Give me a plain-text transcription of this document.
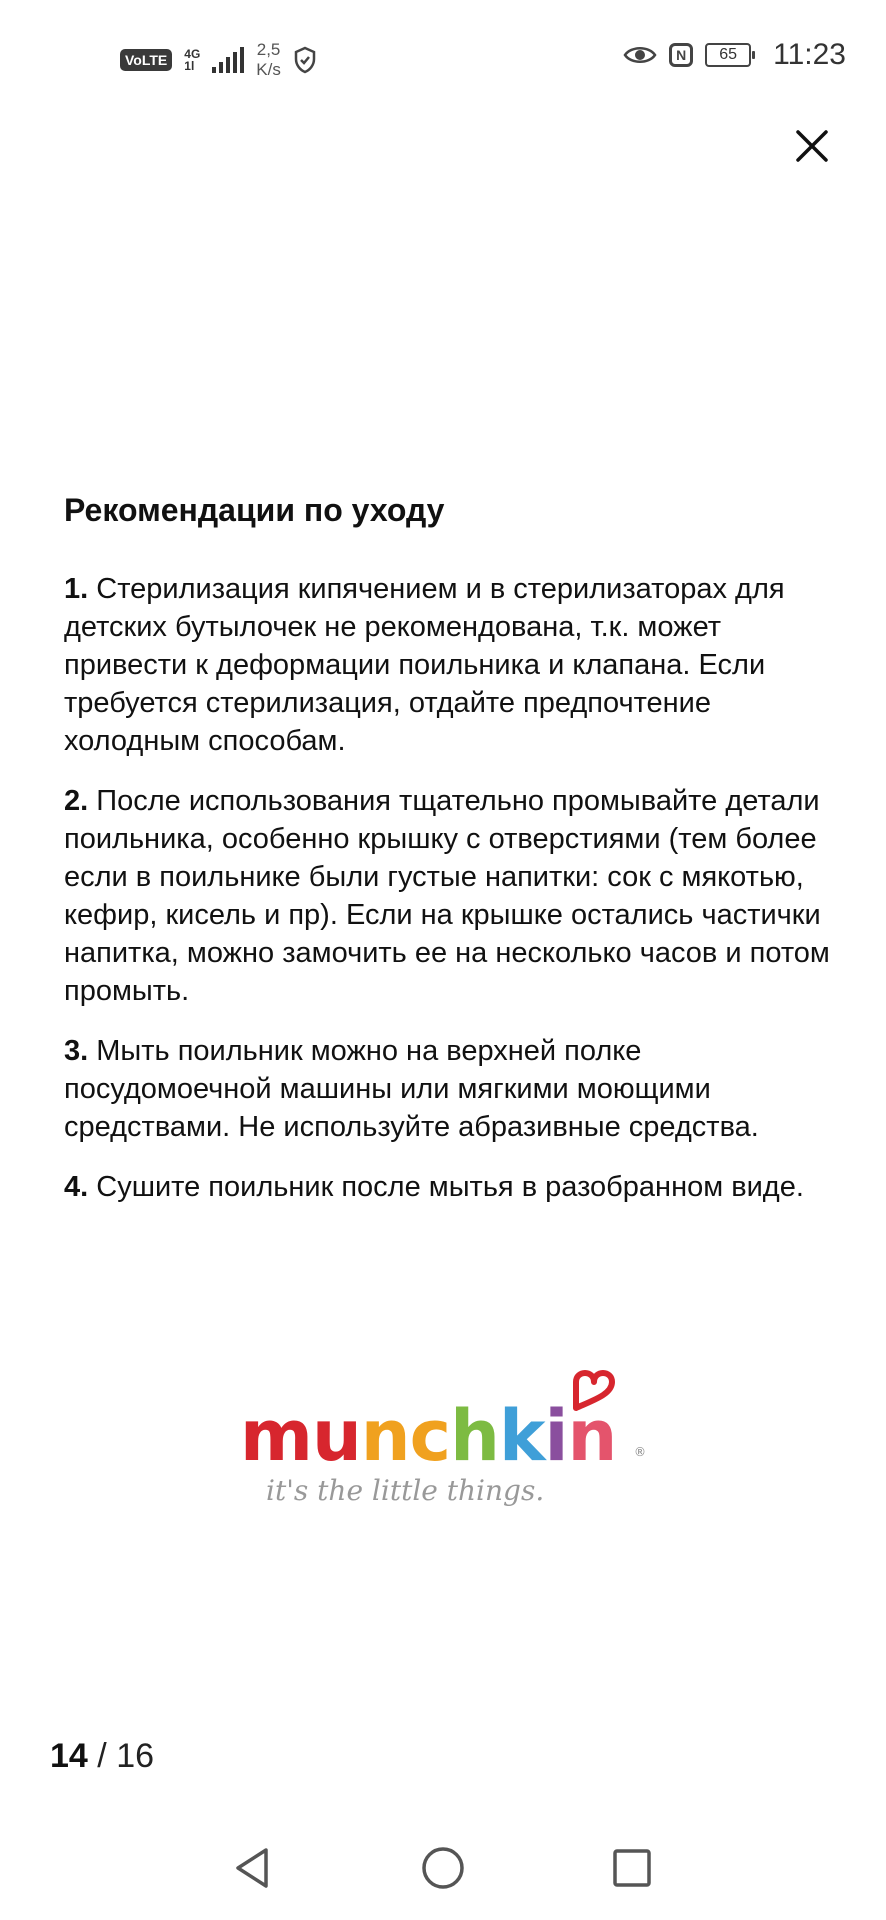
VoLTE	4G
1l
2,5
K/s
N	65	11:23
Рекомендации по уходу

1. Стерилизация кипячением и в стерилизаторах для детских бутылочек не рекомендована, т.к. может привести к деформации поильника и клапана. Если требуется стерилизация, отдайте предпочтение холодным способам.

2. После использования тщательно промывайте детали поильника, особенно крышку с отверстиями (тем более если в поильнике были густые напитки: сок с мякотью, кефир, кисель и пр). Если на крышке остались частички напитка, можно замочить ее на несколько часов и потом промыть.

3. Мыть поильник можно на верхней полке посудомоечной машины или мягкими моющими средствами. Не используйте абразивные средства.

4. Сушите поильник после мытья в разобранном виде.

munchkin ®
it's the little things.
14 / 16
